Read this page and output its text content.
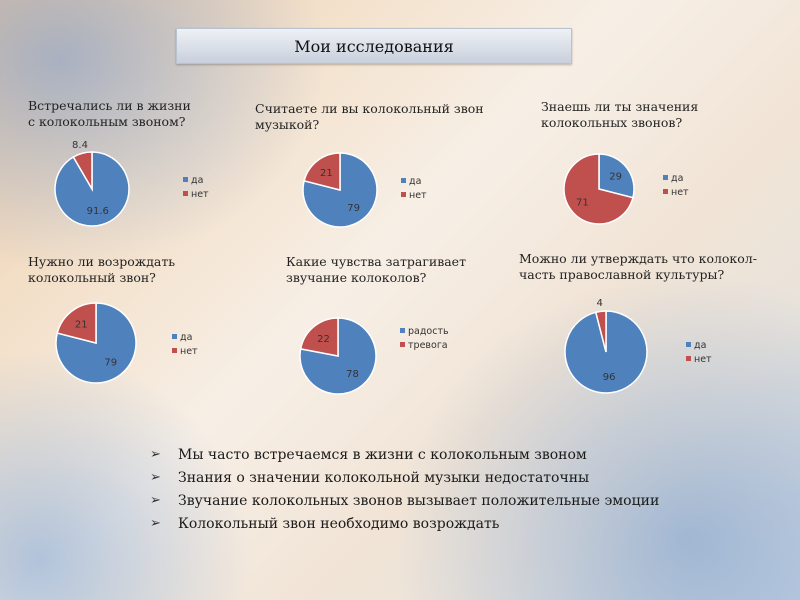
Мои исследования
Встречались ли в жизни
с колокольным звоном?
Считаете ли вы колокольный звон
музыкой?
Знаешь ли ты значения
колокольных звонов?
Нужно ли возрождать
колокольный звон?
Какие чувства затрагивает
звучание колоколов?
Можно ли утверждать что колокол-
часть православной культуры?
91.6
8.4
да
нет
79
21
да
нет
29
71
да
нет
79
21
да
нет
78
22
радость
тревога
96
4
да
нет
➢	Мы часто встречаемся в жизни с колокольным звоном
➢	Знания о значении колокольной музыки недостаточны
➢	Звучание колокольных звонов вызывает положительные эмоции
➢	Колокольный звон необходимо возрождать
